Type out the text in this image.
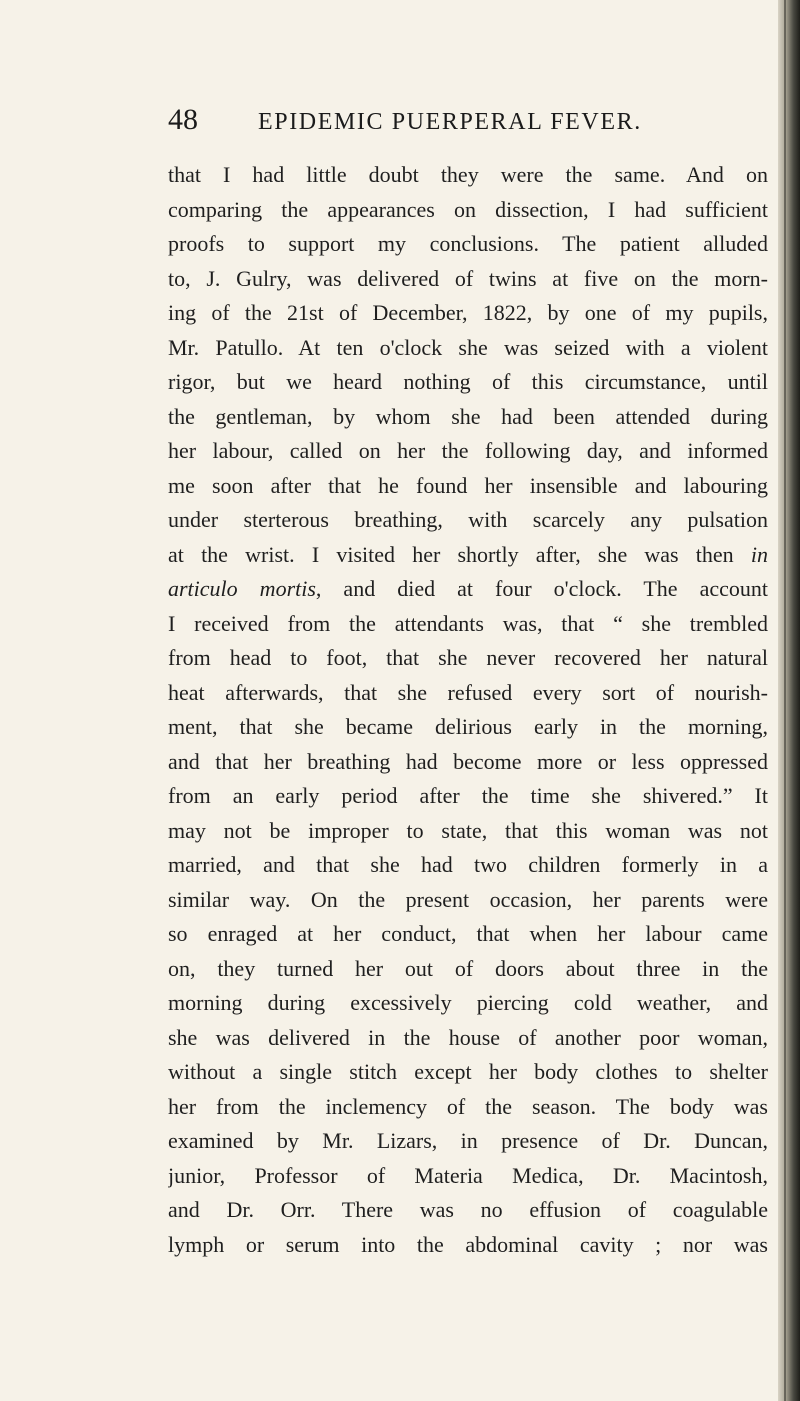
48	EPIDEMIC PUERPERAL FEVER.
that I had little doubt they were the same. And on
comparing the appearances on dissection, I had sufficient
proofs to support my conclusions. The patient alluded
to, J. Gulry, was delivered of twins at five on the morn-
ing of the 21st of December, 1822, by one of my pupils,
Mr. Patullo. At ten o'clock she was seized with a violent
rigor, but we heard nothing of this circumstance, until
the gentleman, by whom she had been attended during
her labour, called on her the following day, and informed
me soon after that he found her insensible and labouring
under sterterous breathing, with scarcely any pulsation
at the wrist. I visited her shortly after, she was then in
articulo mortis, and died at four o'clock. The account
I received from the attendants was, that “ she trembled
from head to foot, that she never recovered her natural
heat afterwards, that she refused every sort of nourish-
ment, that she became delirious early in the morning,
and that her breathing had become more or less oppressed
from an early period after the time she shivered.” It
may not be improper to state, that this woman was not
married, and that she had two children formerly in a
similar way. On the present occasion, her parents were
so enraged at her conduct, that when her labour came
on, they turned her out of doors about three in the
morning during excessively piercing cold weather, and
she was delivered in the house of another poor woman,
without a single stitch except her body clothes to shelter
her from the inclemency of the season. The body was
examined by Mr. Lizars, in presence of Dr. Duncan,
junior, Professor of Materia Medica, Dr. Macintosh,
and Dr. Orr. There was no effusion of coagulable
lymph or serum into the abdominal cavity ; nor was
